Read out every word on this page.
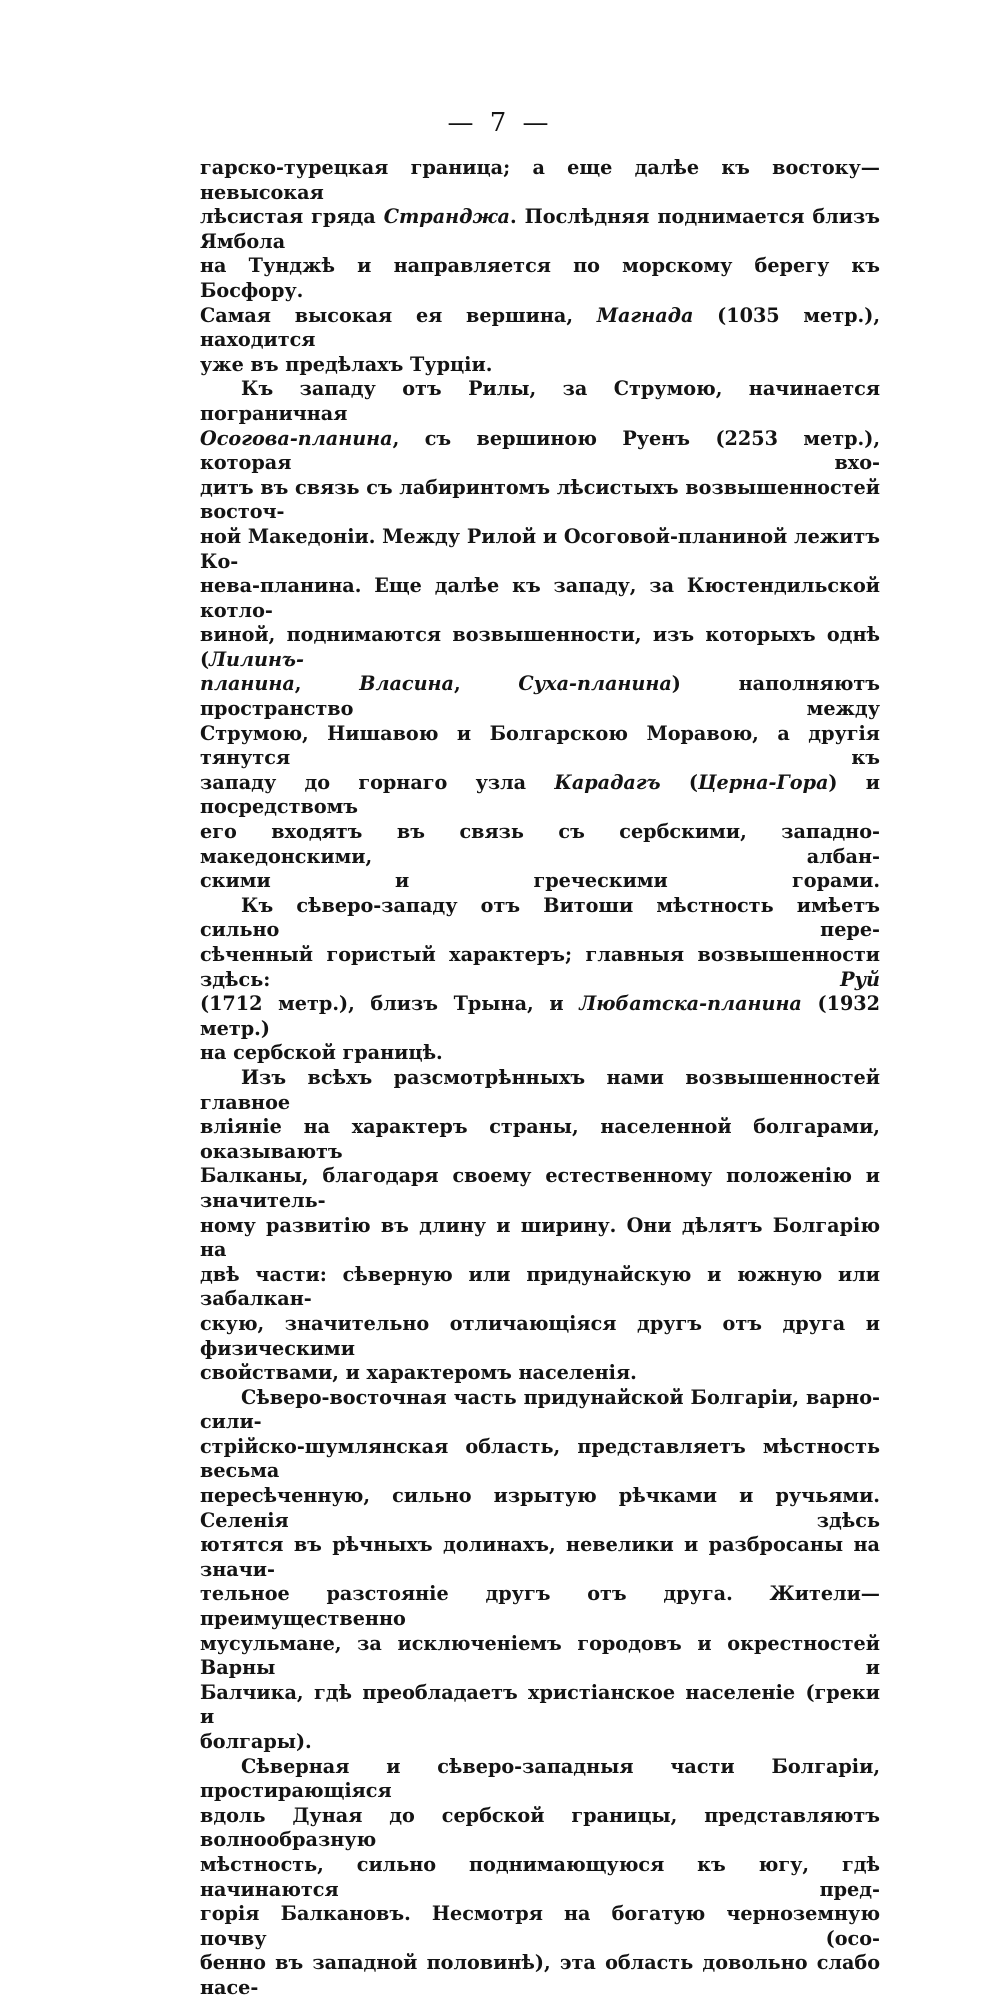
— 7 —

гарско-турецкая граница; а еще далѣе къ востоку—невысокая

лѣсистая гряда Странджа. Послѣдняя поднимается близъ Ямбола

на Тунджѣ и направляется по морскому берегу къ Босфору.

Самая высокая ея вершина, Магнада (1035 метр.), находится

уже въ предѣлахъ Турціи.

Къ западу отъ Рилы, за Струмою, начинается пограничная

Осогова-планина, съ вершиною Руенъ (2253 метр.), которая вхо-

дитъ въ связь съ лабиринтомъ лѣсистыхъ возвышенностей восточ-

ной Македоніи. Между Рилой и Осоговой-планиной лежитъ Ко-

нева-планина. Еще далѣе къ западу, за Кюстендильской котло-

виной, поднимаются возвышенности, изъ которыхъ однѣ (Лилинъ-

планина, Власина, Суха-планина) наполняютъ пространство между

Струмою, Нишавою и Болгарскою Моравою, а другія тянутся къ

западу до горнаго узла Карадагъ (Церна-Гора) и посредствомъ

его входятъ въ связь съ сербскими, западно-македонскими, албан-

скими и греческими горами.

Къ сѣверо-западу отъ Витоши мѣстность имѣетъ сильно пере-

сѣченный гористый характеръ; главныя возвышенности здѣсь: Руй

(1712 метр.), близъ Трына, и Любатска-планина (1932 метр.)

на сербской границѣ.

Изъ всѣхъ разсмотрѣнныхъ нами возвышенностей главное

вліяніе на характеръ страны, населенной болгарами, оказываютъ

Балканы, благодаря своему естественному положенію и значитель-

ному развитію въ длину и ширину. Они дѣлятъ Болгарію на

двѣ части: сѣверную или придунайскую и южную или забалкан-

скую, значительно отличающіяся другъ отъ друга и физическими

свойствами, и характеромъ населенія.

Сѣверо-восточная часть придунайской Болгаріи, варно-сили-

стрійско-шумлянская область, представляетъ мѣстность весьма

пересѣченную, сильно изрытую рѣчками и ручьями. Селенія здѣсь

ютятся въ рѣчныхъ долинахъ, невелики и разбросаны на значи-

тельное разстояніе другъ отъ друга. Жители—преимущественно

мусульмане, за исключеніемъ городовъ и окрестностей Варны и

Балчика, гдѣ преобладаетъ христіанское населеніе (греки и

болгары).

Сѣверная и сѣверо-западныя части Болгаріи, простирающіяся

вдоль Дуная до сербской границы, представляютъ волнообразную

мѣстность, сильно поднимающуюся къ югу, гдѣ начинаются пред-

горія Балкановъ. Несмотря на богатую черноземную почву (осо-

бенно въ западной половинѣ), эта область довольно слабо насе-
